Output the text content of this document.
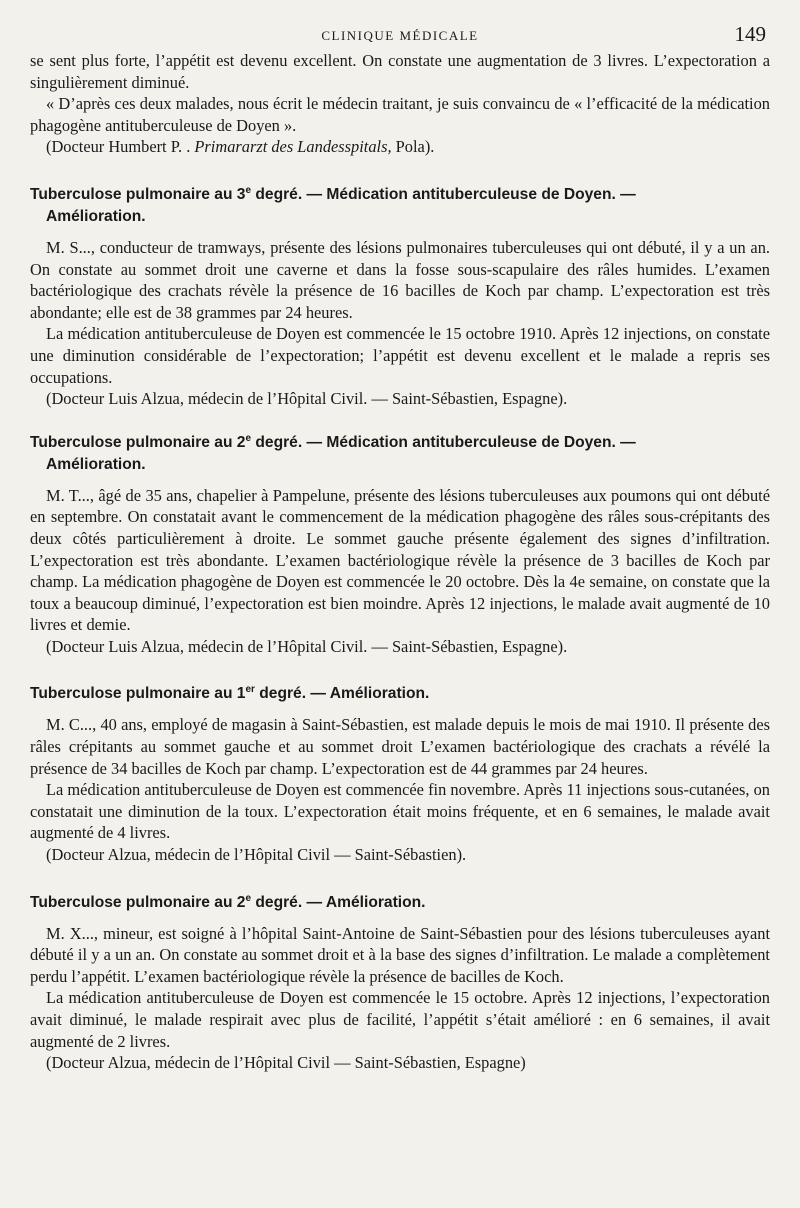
CLINIQUE MÉDICALE	149

se sent plus forte, l’appétit est devenu excellent. On constate une augmentation de 3 livres. L’expectoration a singulièrement diminué.

« D’après ces deux malades, nous écrit le médecin traitant, je suis convaincu de « l’efficacité de la médication phagogène antituberculeuse de Doyen ».

(Docteur Humbert P. . Primararzt des Landesspitals, Pola).

Tuberculose pulmonaire au 3e degré. — Médication antituberculeuse de Doyen. —
Amélioration.

M. S..., conducteur de tramways, présente des lésions pulmonaires tuberculeuses qui ont débuté, il y a un an. On constate au sommet droit une caverne et dans la fosse sous-scapulaire des râles humides. L’examen bactériologique des crachats révèle la présence de 16 bacilles de Koch par champ. L’expectoration est très abondante; elle est de 38 grammes par 24 heures.

La médication antituberculeuse de Doyen est commencée le 15 octobre 1910. Après 12 injections, on constate une diminution considérable de l’expectoration; l’appétit est devenu excellent et le malade a repris ses occupations.

(Docteur Luis Alzua, médecin de l’Hôpital Civil. — Saint-Sébastien, Espagne).

Tuberculose pulmonaire au 2e degré. — Médication antituberculeuse de Doyen. —
Amélioration.

M. T..., âgé de 35 ans, chapelier à Pampelune, présente des lésions tuberculeuses aux poumons qui ont débuté en septembre. On constatait avant le commencement de la médication phagogène des râles sous-crépitants des deux côtés particulièrement à droite. Le sommet gauche présente également des signes d’infiltration. L’expectoration est très abondante. L’examen bactériologique révèle la présence de 3 bacilles de Koch par champ. La médication phagogène de Doyen est commencée le 20 octobre. Dès la 4e semaine, on constate que la toux a beaucoup diminué, l’expectoration est bien moindre. Après 12 injections, le malade avait augmenté de 10 livres et demie.

(Docteur Luis Alzua, médecin de l’Hôpital Civil. — Saint-Sébastien, Espagne).

Tuberculose pulmonaire au 1er degré. — Amélioration.

M. C..., 40 ans, employé de magasin à Saint-Sébastien, est malade depuis le mois de mai 1910. Il présente des râles crépitants au sommet gauche et au sommet droit L’examen bactériologique des crachats a révélé la présence de 34 bacilles de Koch par champ. L’expectoration est de 44 grammes par 24 heures.

La médication antituberculeuse de Doyen est commencée fin novembre. Après 11 injections sous-cutanées, on constatait une diminution de la toux. L’expectoration était moins fréquente, et en 6 semaines, le malade avait augmenté de 4 livres.

(Docteur Alzua, médecin de l’Hôpital Civil — Saint-Sébastien).

Tuberculose pulmonaire au 2e degré. — Amélioration.

M. X..., mineur, est soigné à l’hôpital Saint-Antoine de Saint-Sébastien pour des lésions tuberculeuses ayant débuté il y a un an. On constate au sommet droit et à la base des signes d’infiltration. Le malade a complètement perdu l’appétit. L’examen bactériologique révèle la présence de bacilles de Koch.

La médication antituberculeuse de Doyen est commencée le 15 octobre. Après 12 injections, l’expectoration avait diminué, le malade respirait avec plus de facilité, l’appétit s’était amélioré : en 6 semaines, il avait augmenté de 2 livres.

(Docteur Alzua, médecin de l’Hôpital Civil — Saint-Sébastien, Espagne)
